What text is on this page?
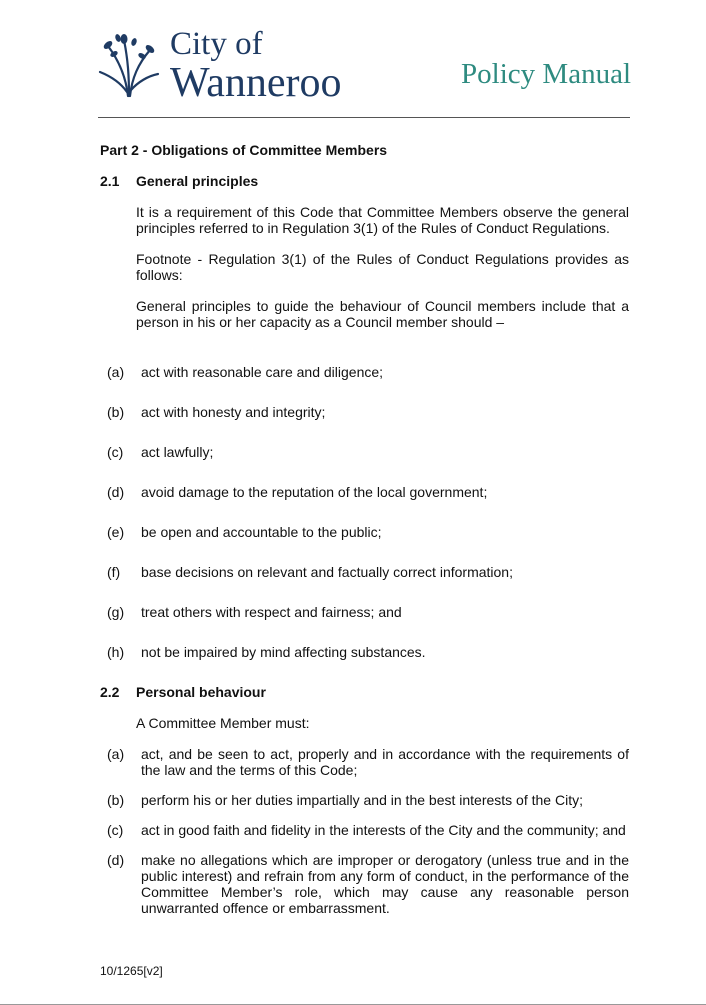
City of
Wanneroo	Policy Manual
Part 2 - Obligations of Committee Members
2.1	General principles

It is a requirement of this Code that Committee Members observe the general principles referred to in Regulation 3(1) of the Rules of Conduct Regulations.

Footnote - Regulation 3(1) of the Rules of Conduct Regulations provides as follows:

General principles to guide the behaviour of Council members include that a person in his or her capacity as a Council member should –

(a)	act with reasonable care and diligence;
(b)	act with honesty and integrity;
(c)	act lawfully;
(d)	avoid damage to the reputation of the local government;
(e)	be open and accountable to the public;
(f)	base decisions on relevant and factually correct information;
(g)	treat others with respect and fairness; and
(h)	not be impaired by mind affecting substances.
2.2	Personal behaviour

A Committee Member must:

(a)	act, and be seen to act, properly and in accordance with the requirements of the law and the terms of this Code;
(b)	perform his or her duties impartially and in the best interests of the City;
(c)	act in good faith and fidelity in the interests of the City and the community; and
(d)	make no allegations which are improper or derogatory (unless true and in the public interest) and refrain from any form of conduct, in the performance of the Committee Member’s role, which may cause any reasonable person unwarranted offence or embarrassment.
10/1265[v2]
